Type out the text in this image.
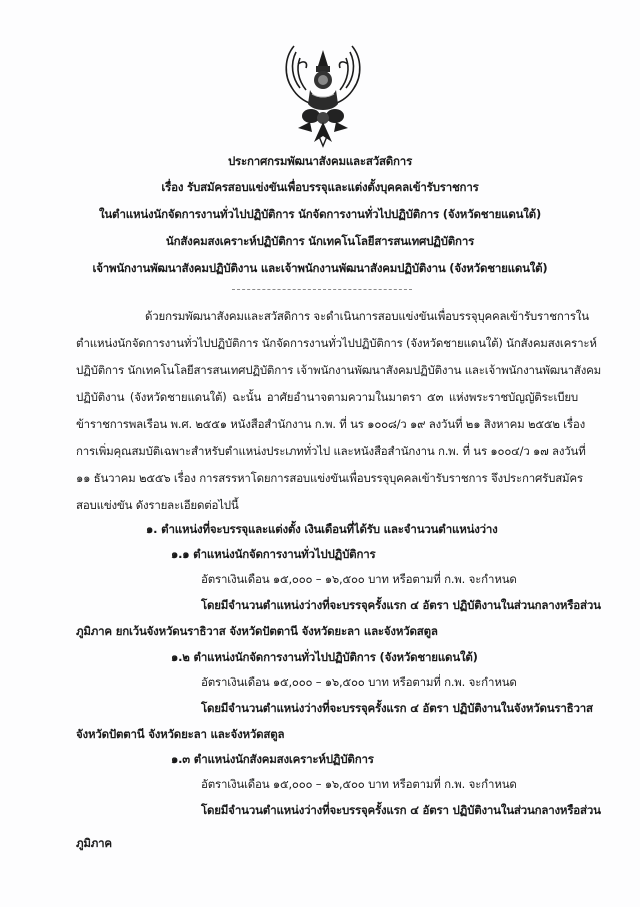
ประกาศกรมพัฒนาสังคมและสวัสดิการ
เรื่อง รับสมัครสอบแข่งขันเพื่อบรรจุและแต่งตั้งบุคคลเข้ารับราชการ
ในตำแหน่งนักจัดการงานทั่วไปปฏิบัติการ นักจัดการงานทั่วไปปฏิบัติการ (จังหวัดชายแดนใต้)
นักสังคมสงเคราะห์ปฏิบัติการ นักเทคโนโลยีสารสนเทศปฏิบัติการ
เจ้าพนักงานพัฒนาสังคมปฏิบัติงาน และเจ้าพนักงานพัฒนาสังคมปฏิบัติงาน (จังหวัดชายแดนใต้)
ด้วยกรมพัฒนาสังคมและสวัสดิการ จะดำเนินการสอบแข่งขันเพื่อบรรจุบุคคลเข้ารับราชการใน
ตำแหน่งนักจัดการงานทั่วไปปฏิบัติการ นักจัดการงานทั่วไปปฏิบัติการ (จังหวัดชายแดนใต้) นักสังคมสงเคราะห์
ปฏิบัติการ นักเทคโนโลยีสารสนเทศปฏิบัติการ เจ้าพนักงานพัฒนาสังคมปฏิบัติงาน และเจ้าพนักงานพัฒนาสังคม
ปฏิบัติงาน (จังหวัดชายแดนใต้) ฉะนั้น อาศัยอำนาจตามความในมาตรา ๕๓ แห่งพระราชบัญญัติระเบียบ
ข้าราชการพลเรือน พ.ศ. ๒๕๕๑ หนังสือสำนักงาน ก.พ. ที่ นร ๑๐๐๘/ว ๑๙ ลงวันที่ ๒๑ สิงหาคม ๒๕๕๒ เรื่อง
การเพิ่มคุณสมบัติเฉพาะสำหรับตำแหน่งประเภททั่วไป และหนังสือสำนักงาน ก.พ. ที่ นร ๑๐๐๔/ว ๑๗ ลงวันที่
๑๑ ธันวาคม ๒๕๕๖ เรื่อง การสรรหาโดยการสอบแข่งขันเพื่อบรรจุบุคคลเข้ารับราชการ จึงประกาศรับสมัคร
สอบแข่งขัน ดังรายละเอียดต่อไปนี้
๑. ตำแหน่งที่จะบรรจุและแต่งตั้ง เงินเดือนที่ได้รับ และจำนวนตำแหน่งว่าง
๑.๑ ตำแหน่งนักจัดการงานทั่วไปปฏิบัติการ
อัตราเงินเดือน ๑๕,๐๐๐ – ๑๖,๕๐๐ บาท หรือตามที่ ก.พ. จะกำหนด
โดยมีจำนวนตำแหน่งว่างที่จะบรรจุครั้งแรก ๔ อัตรา ปฏิบัติงานในส่วนกลางหรือส่วน
ภูมิภาค ยกเว้นจังหวัดนราธิวาส จังหวัดปัตตานี จังหวัดยะลา และจังหวัดสตูล
๑.๒ ตำแหน่งนักจัดการงานทั่วไปปฏิบัติการ (จังหวัดชายแดนใต้)
อัตราเงินเดือน ๑๕,๐๐๐ – ๑๖,๕๐๐ บาท หรือตามที่ ก.พ. จะกำหนด
โดยมีจำนวนตำแหน่งว่างที่จะบรรจุครั้งแรก ๔ อัตรา ปฏิบัติงานในจังหวัดนราธิวาส
จังหวัดปัตตานี จังหวัดยะลา และจังหวัดสตูล
๑.๓ ตำแหน่งนักสังคมสงเคราะห์ปฏิบัติการ
อัตราเงินเดือน ๑๕,๐๐๐ – ๑๖,๕๐๐ บาท หรือตามที่ ก.พ. จะกำหนด
โดยมีจำนวนตำแหน่งว่างที่จะบรรจุครั้งแรก ๔ อัตรา ปฏิบัติงานในส่วนกลางหรือส่วน
ภูมิภาค
